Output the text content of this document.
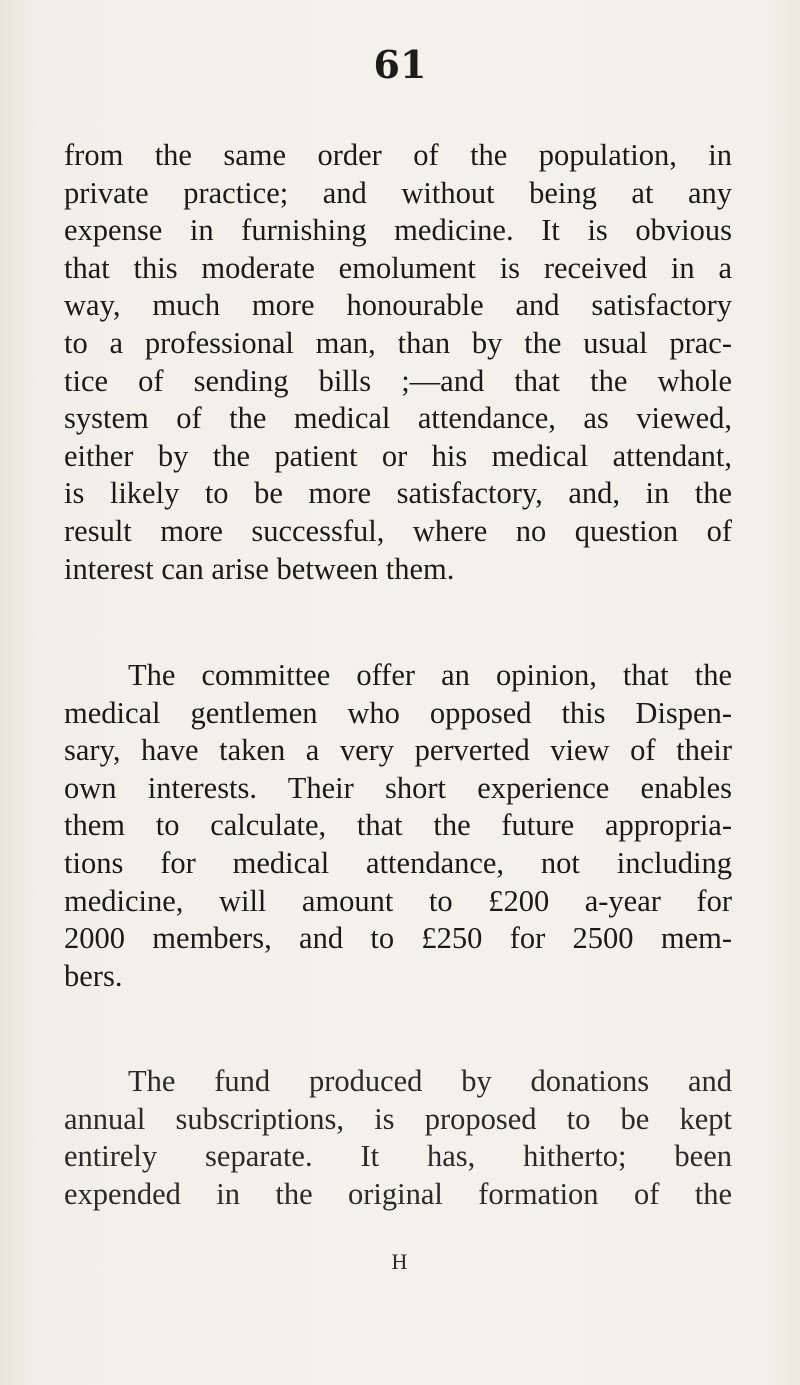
61

from the same order of the population, in
private practice; and without being at any
expense in furnishing medicine. It is obvious
that this moderate emolument is received in a
way, much more honourable and satisfactory
to a professional man, than by the usual prac-
tice of sending bills ;—and that the whole
system of the medical attendance, as viewed,
either by the patient or his medical attendant,
is likely to be more satisfactory, and, in the
result more successful, where no question of
interest can arise between them.

The committee offer an opinion, that the
medical gentlemen who opposed this Dispen-
sary, have taken a very perverted view of their
own interests. Their short experience enables
them to calculate, that the future appropria-
tions for medical attendance, not including
medicine, will amount to £200 a-year for
2000 members, and to £250 for 2500 mem-
bers.

The fund produced by donations and
annual subscriptions, is proposed to be kept
entirely separate. It has, hitherto; been
expended in the original formation of the

H
